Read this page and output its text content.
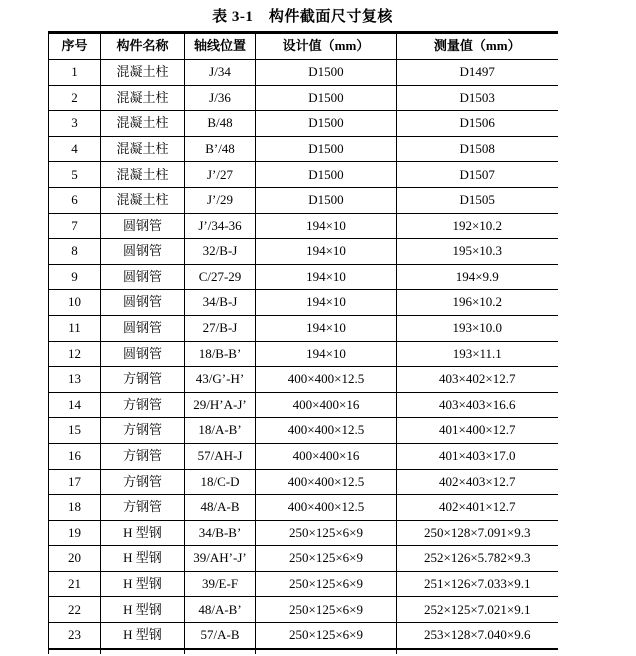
表 3-1　构件截面尺寸复核
序号	构件名称	轴线位置	设计值（mm）	测量值（mm）
1	混凝土柱	J/34	D1500	D1497
2	混凝土柱	J/36	D1500	D1503
3	混凝土柱	B/48	D1500	D1506
4	混凝土柱	B’/48	D1500	D1508
5	混凝土柱	J’/27	D1500	D1507
6	混凝土柱	J’/29	D1500	D1505
7	圆钢管	J’/34-36	194×10	192×10.2
8	圆钢管	32/B-J	194×10	195×10.3
9	圆钢管	C/27-29	194×10	194×9.9
10	圆钢管	34/B-J	194×10	196×10.2
11	圆钢管	27/B-J	194×10	193×10.0
12	圆钢管	18/B-B’	194×10	193×11.1
13	方钢管	43/G’-H’	400×400×12.5	403×402×12.7
14	方钢管	29/H’A-J’	400×400×16	403×403×16.6
15	方钢管	18/A-B’	400×400×12.5	401×400×12.7
16	方钢管	57/AH-J	400×400×16	401×403×17.0
17	方钢管	18/C-D	400×400×12.5	402×403×12.7
18	方钢管	48/A-B	400×400×12.5	402×401×12.7
19	H 型钢	34/B-B’	250×125×6×9	250×128×7.091×9.3
20	H 型钢	39/AH’-J’	250×125×6×9	252×126×5.782×9.3
21	H 型钢	39/E-F	250×125×6×9	251×126×7.033×9.1
22	H 型钢	48/A-B’	250×125×6×9	252×125×7.021×9.1
23	H 型钢	57/A-B	250×125×6×9	253×128×7.040×9.6
